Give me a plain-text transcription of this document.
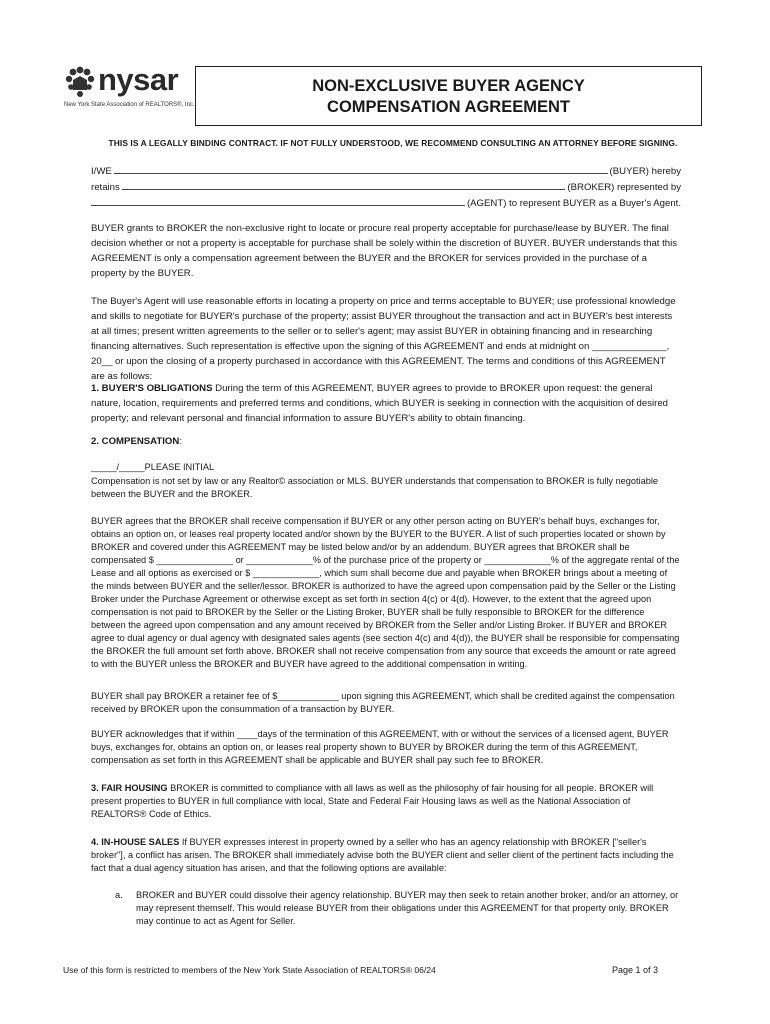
nysar
New York State Association of REALTORS®, Inc.
NON-EXCLUSIVE BUYER AGENCY
COMPENSATION AGREEMENT
THIS IS A LEGALLY BINDING CONTRACT. IF NOT FULLY UNDERSTOOD, WE RECOMMEND CONSULTING AN ATTORNEY BEFORE SIGNING.
I/WE	(BUYER) hereby
retains	(BROKER) represented by
(AGENT) to represent BUYER as a Buyer's Agent.
BUYER grants to BROKER the non-exclusive right to locate or procure real property acceptable for purchase/lease by BUYER. The final decision whether or not a property is acceptable for purchase shall be solely within the discretion of BUYER. BUYER understands that this AGREEMENT is only a compensation agreement between the BUYER and the BROKER for services provided in the purchase of a property by the BUYER.
The Buyer's Agent will use reasonable efforts in locating a property on price and terms acceptable to BUYER; use professional knowledge and skills to negotiate for BUYER's purchase of the property; assist BUYER throughout the transaction and act in BUYER's best interests at all times; present written agreements to the seller or to seller's agent; may assist BUYER in obtaining financing and in researching financing alternatives. Such representation is effective upon the signing of this AGREEMENT and ends at midnight on ______________, 20__ or upon the closing of a property purchased in accordance with this AGREEMENT. The terms and conditions of this AGREEMENT are as follows:
1. BUYER'S OBLIGATIONS During the term of this AGREEMENT, BUYER agrees to provide to BROKER upon request: the general nature, location, requirements and preferred terms and conditions, which BUYER is seeking in connection with the acquisition of desired property; and relevant personal and financial information to assure BUYER's ability to obtain financing.
2. COMPENSATION:
_____/_____PLEASE INITIAL
Compensation is not set by law or any Realtor© association or MLS. BUYER understands that compensation to BROKER is fully negotiable between the BUYER and the BROKER.
BUYER agrees that the BROKER shall receive compensation if BUYER or any other person acting on BUYER's behalf buys, exchanges for, obtains an option on, or leases real property located and/or shown by the BUYER to the BUYER. A list of such properties located or shown by BROKER and covered under this AGREEMENT may be listed below and/or by an addendum. BUYER agrees that BROKER shall be compensated $ _______________ or _____________% of the purchase price of the property or _____________% of the aggregate rental of the Lease and all options as exercised or $ _____________, which sum shall become due and payable when BROKER brings about a meeting of the minds between BUYER and the seller/lessor. BROKER is authorized to have the agreed upon compensation paid by the Seller or the Listing Broker under the Purchase Agreement or otherwise except as set forth in section 4(c) or 4(d). However, to the extent that the agreed upon compensation is not paid to BROKER by the Seller or the Listing Broker, BUYER shall be fully responsible to BROKER for the difference between the agreed upon compensation and any amount received by BROKER from the Seller and/or Listing Broker. If BUYER and BROKER agree to dual agency or dual agency with designated sales agents (see section 4(c) and 4(d)), the BUYER shall be responsible for compensating the BROKER the full amount set forth above. BROKER shall not receive compensation from any source that exceeds the amount or rate agreed to with the BUYER unless the BROKER and BUYER have agreed to the additional compensation in writing.
BUYER shall pay BROKER a retainer fee of $____________ upon signing this AGREEMENT, which shall be credited against the compensation received by BROKER upon the consummation of a transaction by BUYER.
BUYER acknowledges that if within ____days of the termination of this AGREEMENT, with or without the services of a licensed agent, BUYER buys, exchanges for, obtains an option on, or leases real property shown to BUYER by BROKER during the term of this AGREEMENT, compensation as set forth in this AGREEMENT shall be applicable and BUYER shall pay such fee to BROKER.
3. FAIR HOUSING BROKER is committed to compliance with all laws as well as the philosophy of fair housing for all people. BROKER will present properties to BUYER in full compliance with local, State and Federal Fair Housing laws as well as the National Association of REALTORS® Code of Ethics.
4. IN-HOUSE SALES If BUYER expresses interest in property owned by a seller who has an agency relationship with BROKER ["seller's broker"], a conflict has arisen. The BROKER shall immediately advise both the BUYER client and seller client of the pertinent facts including the fact that a dual agency situation has arisen, and that the following options are available:
a. BROKER and BUYER could dissolve their agency relationship. BUYER may then seek to retain another broker, and/or an attorney, or may represent themself. This would release BUYER from their obligations under this AGREEMENT for that property only. BROKER may continue to act as Agent for Seller.
Use of this form is restricted to members of the New York State Association of REALTORS® 06/24	Page 1 of 3
